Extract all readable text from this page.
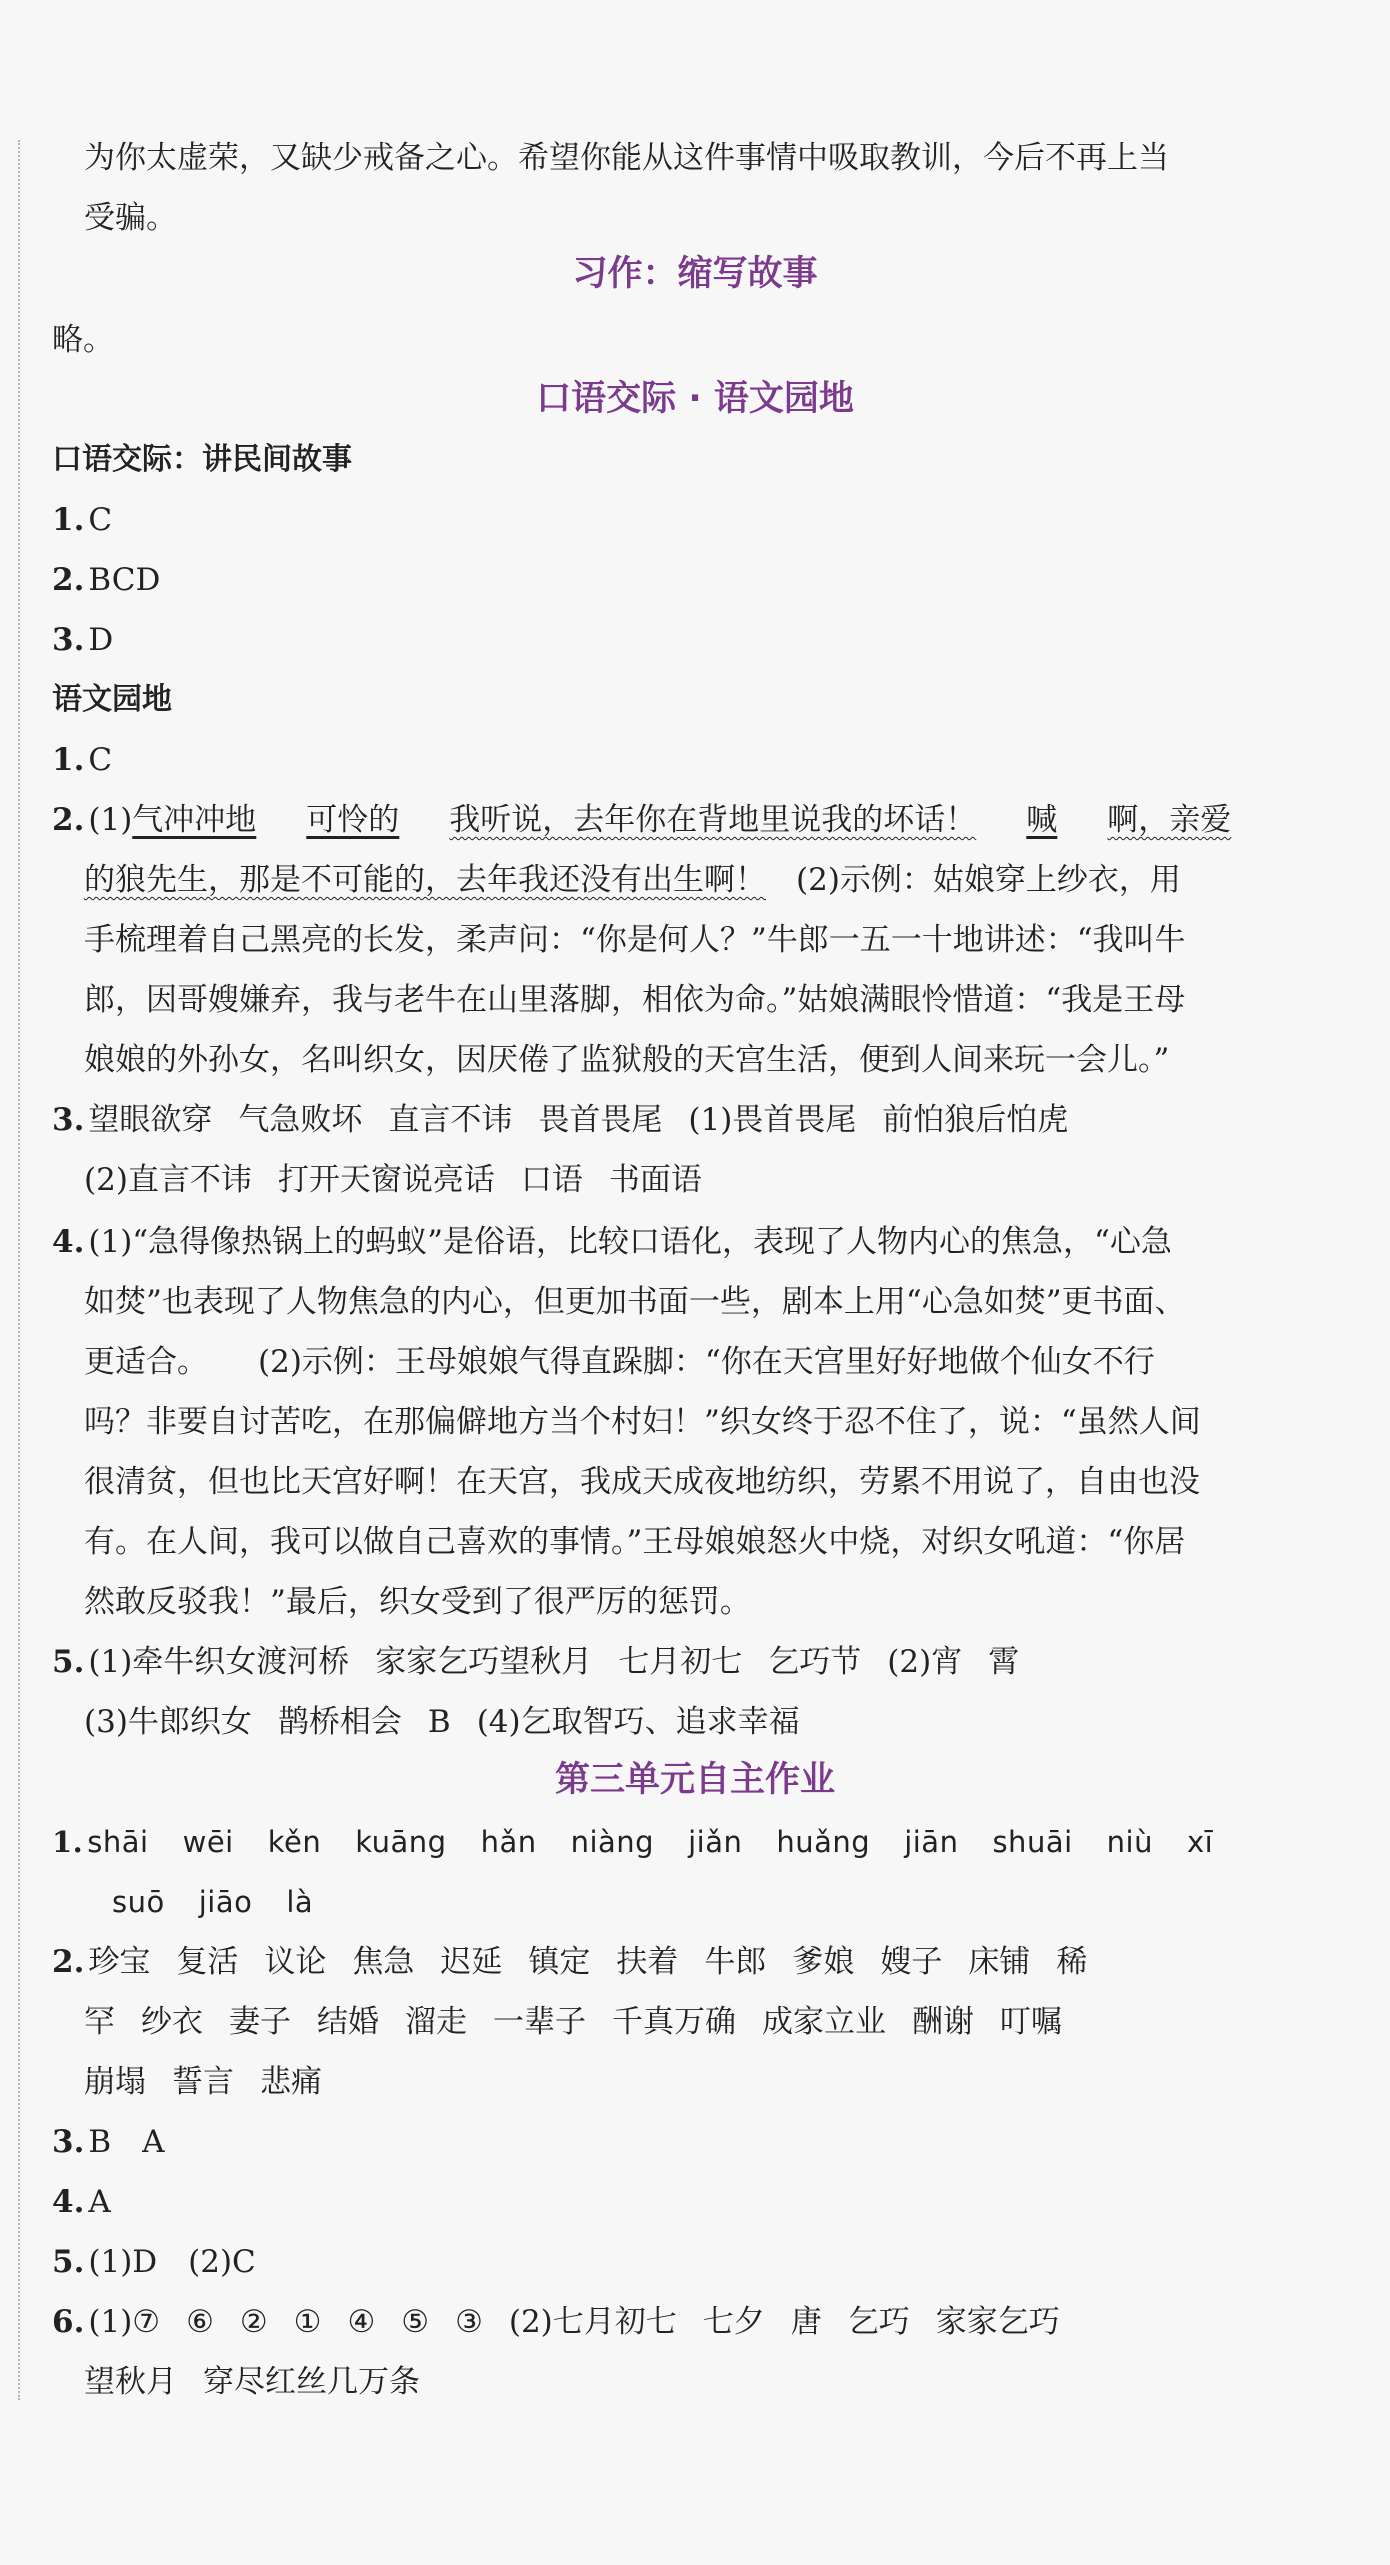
为你太虚荣，又缺少戒备之心。希望你能从这件事情中吸取教训，今后不再上当
受骗。
习作：缩写故事
略。
口语交际 · 语文园地
口语交际：讲民间故事
1. C
2. BCD
3. D
语文园地
1. C
2. (1)气冲冲地 可怜的 我听说，去年你在背地里说我的坏话！ 喊 啊，亲爱
的狼先生，那是不可能的，去年我还没有出生啊！ (2)示例：姑娘穿上纱衣，用
手梳理着自己黑亮的长发，柔声问：“你是何人？”牛郎一五一十地讲述：“我叫牛
郎，因哥嫂嫌弃，我与老牛在山里落脚，相依为命。”姑娘满眼怜惜道：“我是王母
娘娘的外孙女，名叫织女，因厌倦了监狱般的天宫生活，便到人间来玩一会儿。”
3. 望眼欲穿 气急败坏 直言不讳 畏首畏尾 (1)畏首畏尾 前怕狼后怕虎
(2)直言不讳 打开天窗说亮话 口语 书面语
4. (1)“急得像热锅上的蚂蚁”是俗语，比较口语化，表现了人物内心的焦急，“心急
如焚”也表现了人物焦急的内心，但更加书面一些，剧本上用“心急如焚”更书面、
更适合。 (2)示例：王母娘娘气得直跺脚：“你在天宫里好好地做个仙女不行
吗？非要自讨苦吃，在那偏僻地方当个村妇！”织女终于忍不住了，说：“虽然人间
很清贫，但也比天宫好啊！在天宫，我成天成夜地纺织，劳累不用说了，自由也没
有。在人间，我可以做自己喜欢的事情。”王母娘娘怒火中烧，对织女吼道：“你居
然敢反驳我！”最后，织女受到了很严厉的惩罚。
5. (1)牵牛织女渡河桥 家家乞巧望秋月 七月初七 乞巧节 (2)宵 霄
(3)牛郎织女 鹊桥相会 B (4)乞取智巧、追求幸福
第三单元自主作业
1. shāi wēi kěn kuāng hǎn niàng jiǎn huǎng jiān shuāi niù xī
suō jiāo là
2. 珍宝 复活 议论 焦急 迟延 镇定 扶着 牛郎 爹娘 嫂子 床铺 稀
罕 纱衣 妻子 结婚 溜走 一辈子 千真万确 成家立业 酬谢 叮嘱
崩塌 誓言 悲痛
3. B　A
4. A
5. (1)D　(2)C
6. (1)⑦ ⑥ ② ① ④ ⑤ ③ (2)七月初七 七夕 唐 乞巧 家家乞巧
望秋月 穿尽红丝几万条
